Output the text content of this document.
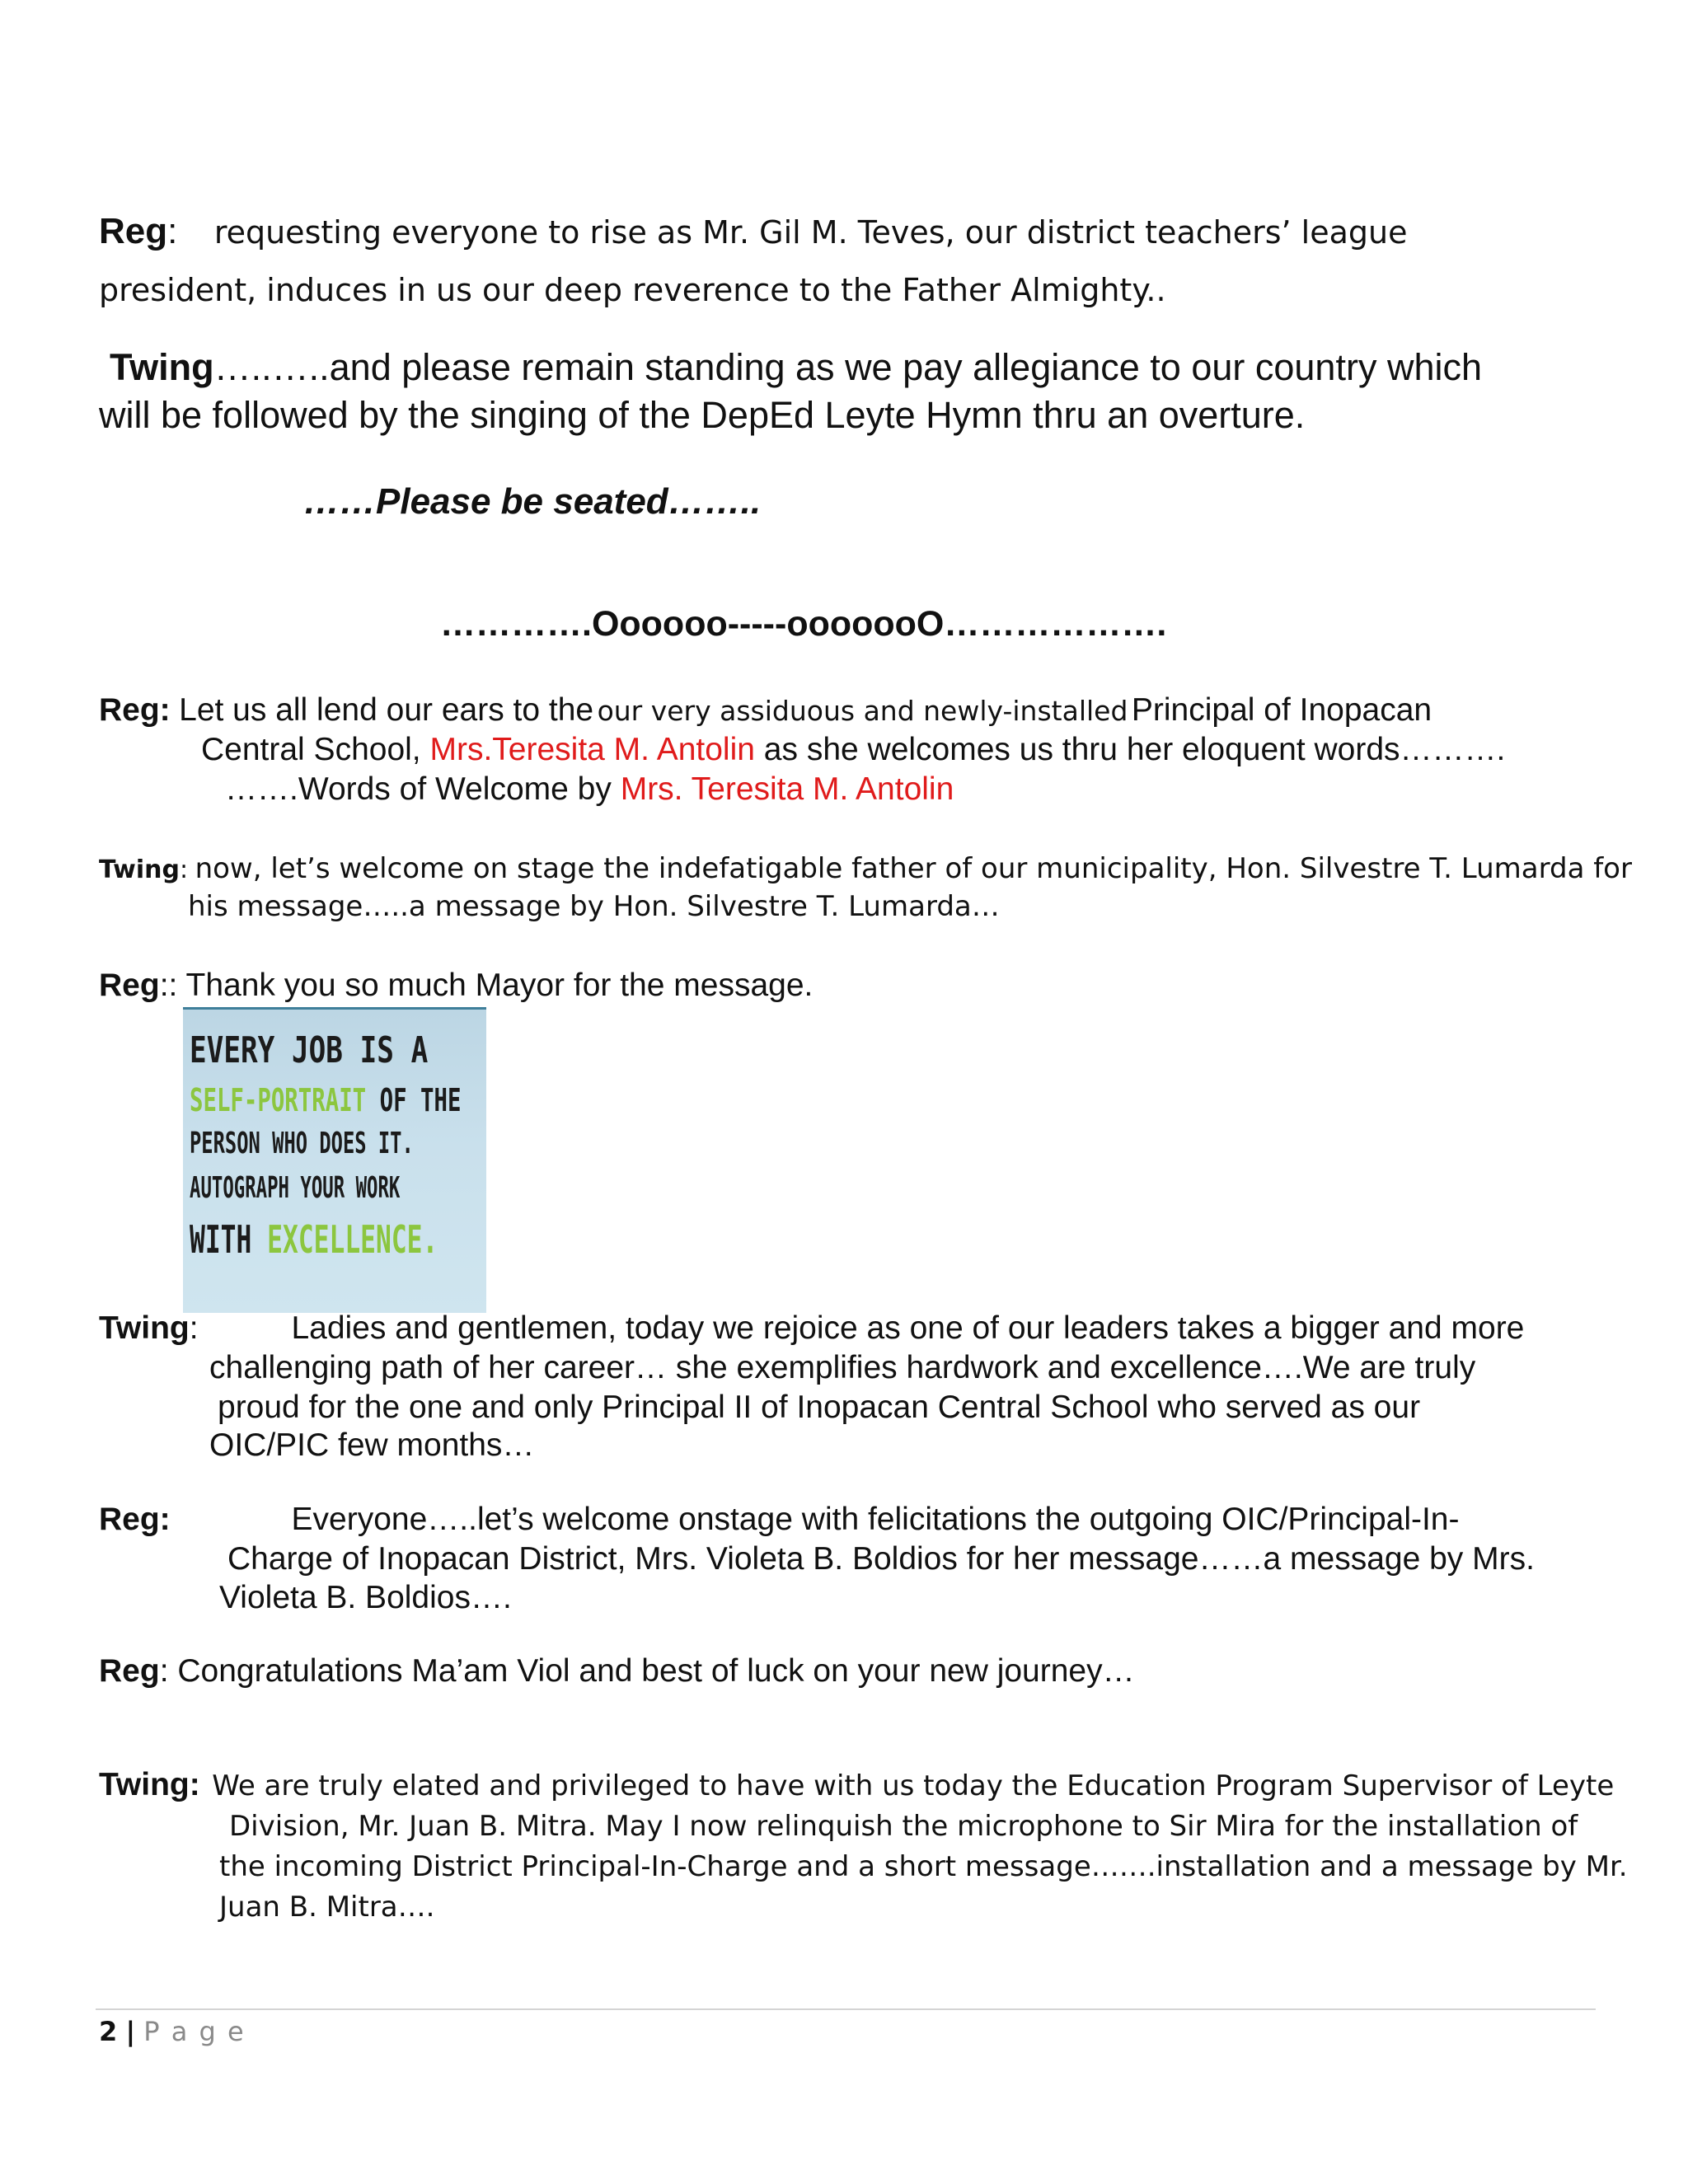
Reg: requesting everyone to rise as Mr. Gil M. Teves, our district teachers’ league
president, induces in us our deep reverence to the Father Almighty..
Twing…..…..and please remain standing as we pay allegiance to our country which
will be followed by the singing of the DepEd Leyte Hymn thru an overture.
……Please be seated……..
………….Oooooo-----ooooooO……………….
Reg: Let us all lend our ears to the our very assiduous and newly-installed Principal of Inopacan
Central School, Mrs.Teresita M. Antolin as she welcomes us thru her eloquent words……….
…….Words of Welcome by Mrs. Teresita M. Antolin
Twing: now, let’s welcome on stage the indefatigable father of our municipality, Hon. Silvestre T. Lumarda for
his message…..a message by Hon. Silvestre T. Lumarda…
Reg:: Thank you so much Mayor for the message.
EVERY JOB IS A
SELF-PORTRAIT OF THE
PERSON WHO DOES IT.
AUTOGRAPH YOUR WORK
WITH EXCELLENCE.
Twing:	Ladies and gentlemen, today we rejoice as one of our leaders takes a bigger and more
challenging path of her career… she exemplifies hardwork and excellence….We are truly
proud for the one and only Principal II of Inopacan Central School who served as our
OIC/PIC few months…
Reg:	Everyone…..let’s welcome onstage with felicitations the outgoing OIC/Principal-In-
Charge of Inopacan District, Mrs. Violeta B. Boldios for her message……a message by Mrs.
Violeta B. Boldios….
Reg: Congratulations Ma’am Viol and best of luck on your new journey…
Twing: We are truly elated and privileged to have with us today the Education Program Supervisor of Leyte
Division, Mr. Juan B. Mitra. May I now relinquish the microphone to Sir Mira for the installation of
the incoming District Principal-In-Charge and a short message…….installation and a message by Mr.
Juan B. Mitra….
2 | P a g e
